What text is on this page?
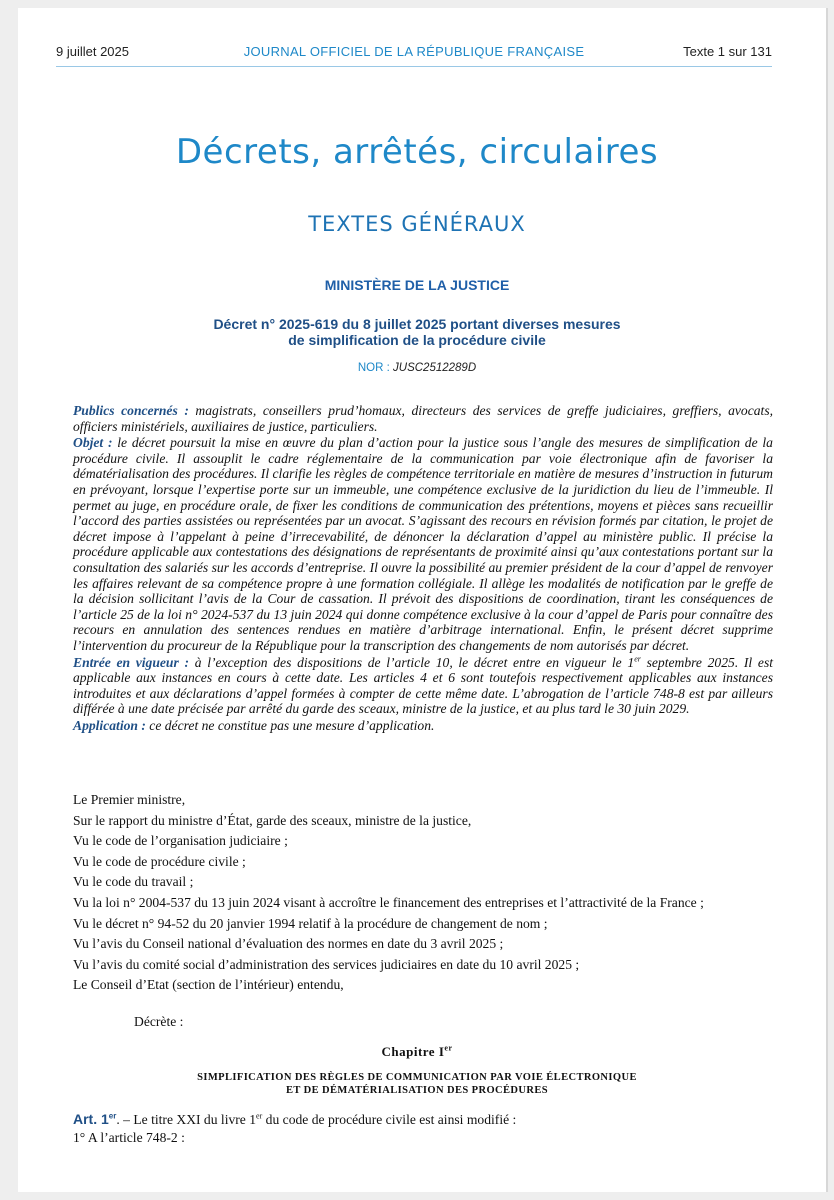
9 juillet 2025	JOURNAL OFFICIEL DE LA RÉPUBLIQUE FRANÇAISE	Texte 1 sur 131
Décrets, arrêtés, circulaires
TEXTES GÉNÉRAUX
MINISTÈRE DE LA JUSTICE
Décret n° 2025-619 du 8 juillet 2025 portant diverses mesures
de simplification de la procédure civile
NOR : JUSC2512289D

Publics concernés : magistrats, conseillers prud’homaux, directeurs des services de greffe judiciaires, greffiers, avocats, officiers ministériels, auxiliaires de justice, particuliers.

Objet : le décret poursuit la mise en œuvre du plan d’action pour la justice sous l’angle des mesures de simplification de la procédure civile. Il assouplit le cadre réglementaire de la communication par voie électronique afin de favoriser la dématérialisation des procédures. Il clarifie les règles de compétence territoriale en matière de mesures d’instruction in futurum en prévoyant, lorsque l’expertise porte sur un immeuble, une compétence exclusive de la juridiction du lieu de l’immeuble. Il permet au juge, en procédure orale, de fixer les conditions de communication des prétentions, moyens et pièces sans recueillir l’accord des parties assistées ou représentées par un avocat. S’agissant des recours en révision formés par citation, le projet de décret impose à l’appelant à peine d’irrecevabilité, de dénoncer la déclaration d’appel au ministère public. Il précise la procédure applicable aux contestations des désignations de représentants de proximité ainsi qu’aux contestations portant sur la consultation des salariés sur les accords d’entreprise. Il ouvre la possibilité au premier président de la cour d’appel de renvoyer les affaires relevant de sa compétence propre à une formation collégiale. Il allège les modalités de notification par le greffe de la décision sollicitant l’avis de la Cour de cassation. Il prévoit des dispositions de coordination, tirant les conséquences de l’article 25 de la loi n° 2024-537 du 13 juin 2024 qui donne compétence exclusive à la cour d’appel de Paris pour connaître des recours en annulation des sentences rendues en matière d’arbitrage international. Enfin, le présent décret supprime l’intervention du procureur de la République pour la transcription des changements de nom autorisés par décret.

Entrée en vigueur : à l’exception des dispositions de l’article 10, le décret entre en vigueur le 1er septembre 2025. Il est applicable aux instances en cours à cette date. Les articles 4 et 6 sont toutefois respectivement applicables aux instances introduites et aux déclarations d’appel formées à compter de cette même date. L’abrogation de l’article 748-8 est par ailleurs différée à une date précisée par arrêté du garde des sceaux, ministre de la justice, et au plus tard le 30 juin 2029.

Application : ce décret ne constitue pas une mesure d’application.

Le Premier ministre,

Sur le rapport du ministre d’État, garde des sceaux, ministre de la justice,

Vu le code de l’organisation judiciaire ;

Vu le code de procédure civile ;

Vu le code du travail ;

Vu la loi n° 2004-537 du 13 juin 2024 visant à accroître le financement des entreprises et l’attractivité de la France ;

Vu le décret n° 94-52 du 20 janvier 1994 relatif à la procédure de changement de nom ;

Vu l’avis du Conseil national d’évaluation des normes en date du 3 avril 2025 ;

Vu l’avis du comité social d’administration des services judiciaires en date du 10 avril 2025 ;

Le Conseil d’Etat (section de l’intérieur) entendu,

Décrète :
Chapitre Ier
SIMPLIFICATION DES RÈGLES DE COMMUNICATION PAR VOIE ÉLECTRONIQUE
ET DE DÉMATÉRIALISATION DES PROCÉDURES
Art. 1er. – Le titre XXI du livre 1er du code de procédure civile est ainsi modifié :
1° A l’article 748-2 :
